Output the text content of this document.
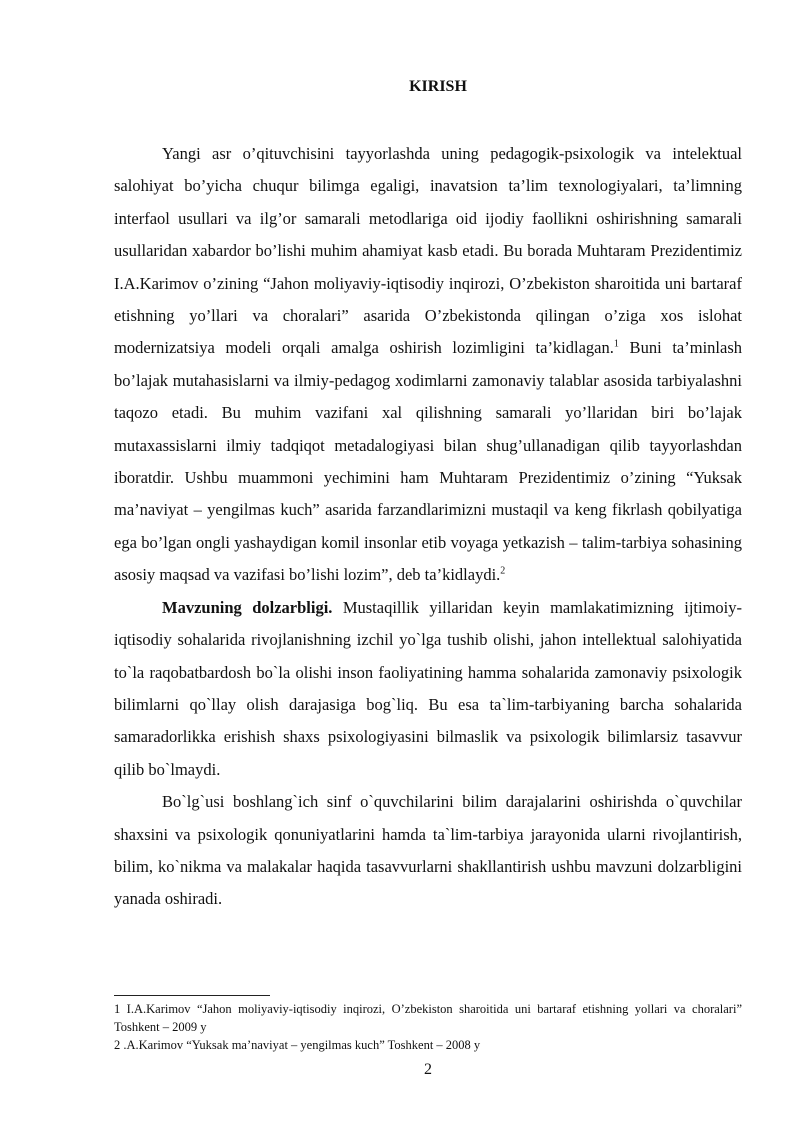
KIRISH

Yangi asr o’qituvchisini tayyorlashda uning pedagogik-psixologik va intelektual salohiyat bo’yicha chuqur bilimga egaligi, inavatsion ta’lim texnologiyalari, ta’limning interfaol usullari va ilg’or samarali metodlariga oid ijodiy faollikni oshirishning samarali usullaridan xabardor bo’lishi muhim ahamiyat kasb etadi. Bu borada Muhtaram Prezidentimiz I.A.Karimov o’zining “Jahon moliyaviy-iqtisodiy inqirozi, O’zbekiston sharoitida uni bartaraf etishning yo’llari va choralari” asarida O’zbekistonda qilingan o’ziga xos islohat modernizatsiya modeli orqali amalga oshirish lozimligini ta’kidlagan.$^1$ Buni ta’minlash bo’lajak mutahasislarni va ilmiy-pedagog xodimlarni zamonaviy talablar asosida tarbiyalashni taqozo etadi. Bu muhim vazifani xal qilishning samarali yo’llaridan biri bo’lajak mutaxassislarni ilmiy tadqiqot metadalogiyasi bilan shug’ullanadigan qilib tayyorlashdan iboratdir. Ushbu muammoni yechimini ham Muhtaram Prezidentimiz o’zining “Yuksak ma’naviyat – yengilmas kuch” asarida farzandlarimizni mustaqil va keng fikrlash qobilyatiga ega bo’lgan ongli yashaydigan komil insonlar etib voyaga yetkazish – talim-tarbiya sohasining asosiy maqsad va vazifasi bo’lishi lozim”, deb ta’kidlaydi.$^2$

Mavzuning dolzarbligi. Mustaqillik yillaridan keyin mamlakatimizning ijtimoiy-iqtisodiy sohalarida rivojlanishning izchil yo`lga tushib olishi, jahon intellektual salohiyatida to`la raqobatbardosh bo`la olishi inson faoliyatining hamma sohalarida zamonaviy psixologik bilimlarni qo`llay olish darajasiga bog`liq. Bu esa ta`lim-tarbiyaning barcha sohalarida samaradorlikka erishish shaxs psixologiyasini bilmaslik va psixologik bilimlarsiz tasavvur qilib bo`lmaydi.

Bo`lg`usi boshlang`ich sinf o`quvchilarini bilim darajalarini oshirishda o`quvchilar shaxsini va psixologik qonuniyatlarini hamda ta`lim-tarbiya jarayonida ularni rivojlantirish, bilim, ko`nikma va malakalar haqida tasavvurlarni shakllantirish ushbu mavzuni dolzarbligini yanada oshiradi.

1 I.A.Karimov “Jahon moliyaviy-iqtisodiy inqirozi, O’zbekiston sharoitida uni bartaraf etishning yollari va choralari” Toshkent – 2009 y

2 .A.Karimov “Yuksak ma’naviyat – yengilmas kuch” Toshkent – 2008 y

2
